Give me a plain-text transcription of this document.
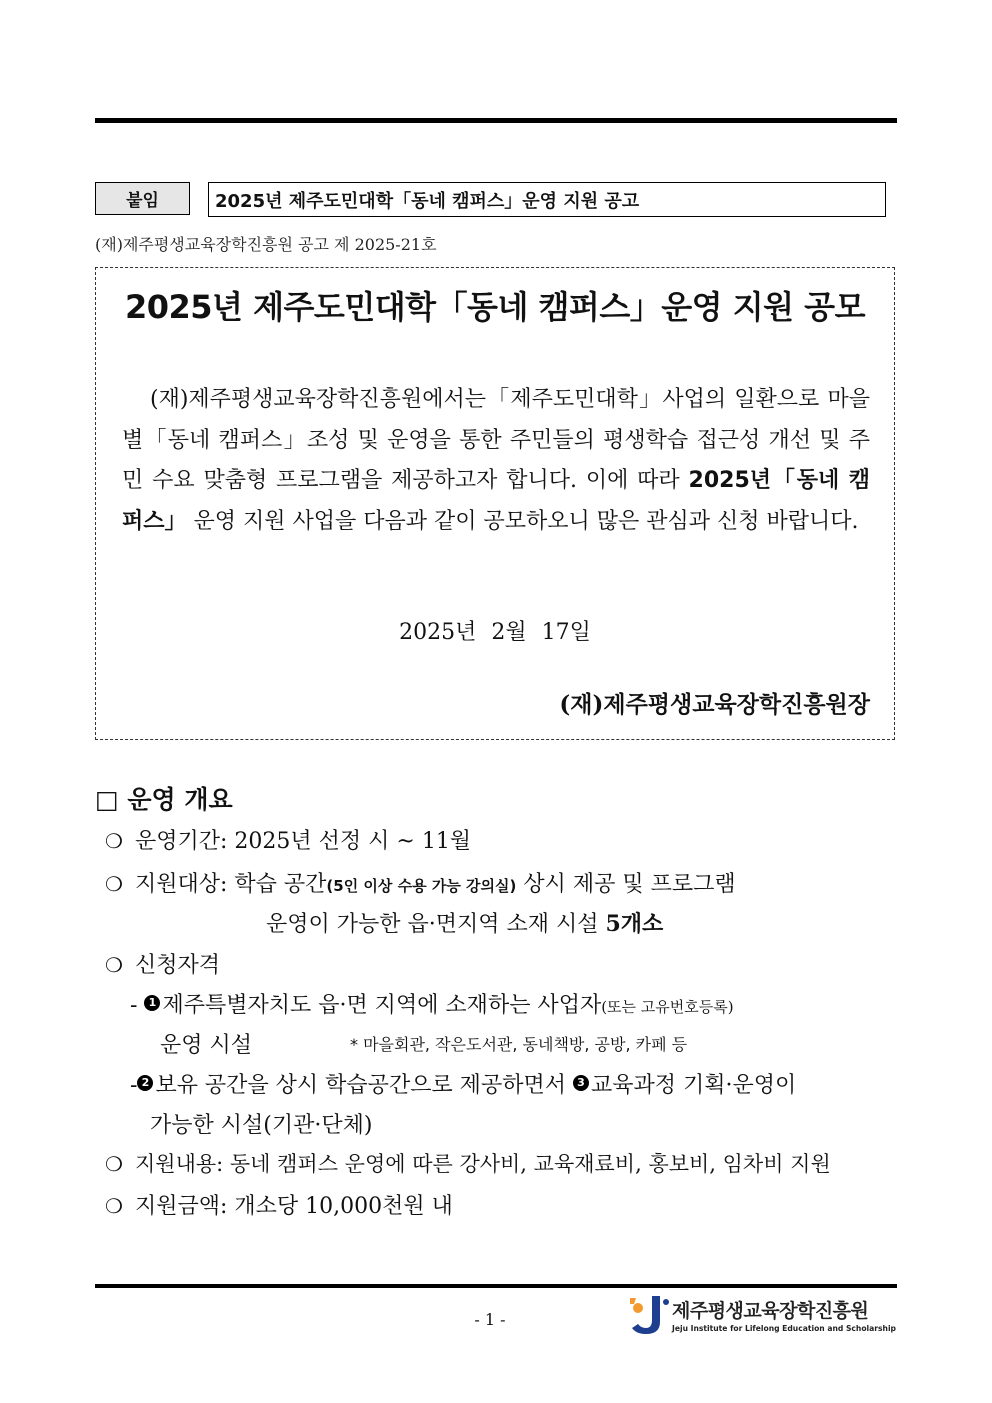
붙임	2025년 제주도민대학「동네 캠퍼스」운영 지원 공고
(재)제주평생교육장학진흥원 공고 제 2025-21호
2025년 제주도민대학「동네 캠퍼스」운영 지원 공모

(재)제주평생교육장학진흥원에서는「제주도민대학」사업의 일환으로 마을별「동네 캠퍼스」조성 및 운영을 통한 주민들의 평생학습 접근성 개선 및 주민 수요 맞춤형 프로그램을 제공하고자 합니다. 이에 따라 2025년「동네 캠퍼스」 운영 지원 사업을 다음과 같이 공모하오니 많은 관심과 신청 바랍니다.

2025년 2월 17일
(재)제주평생교육장학진흥원장
□ 운영 개요
❍ 운영기간: 2025년 선정 시 ~ 11월
❍ 지원대상: 학습 공간(5인 이상 수용 가능 강의실) 상시 제공 및 프로그램
운영이 가능한 읍·면지역 소재 시설 5개소
❍ 신청자격
- 1 제주특별자치도 읍·면 지역에 소재하는 사업자(또는 고유번호등록)
운영 시설	* 마을회관, 작은도서관, 동네책방, 공방, 카페 등
- 2 보유 공간을 상시 학습공간으로 제공하면서 3 교육과정 기획·운영이
가능한 시설(기관·단체)
❍ 지원내용: 동네 캠퍼스 운영에 따른 강사비, 교육재료비, 홍보비, 임차비 지원
❍ 지원금액: 개소당 10,000천원 내
- 1 -	제주평생교육장학진흥원
Jeju Institute for Lifelong Education and Scholarship
